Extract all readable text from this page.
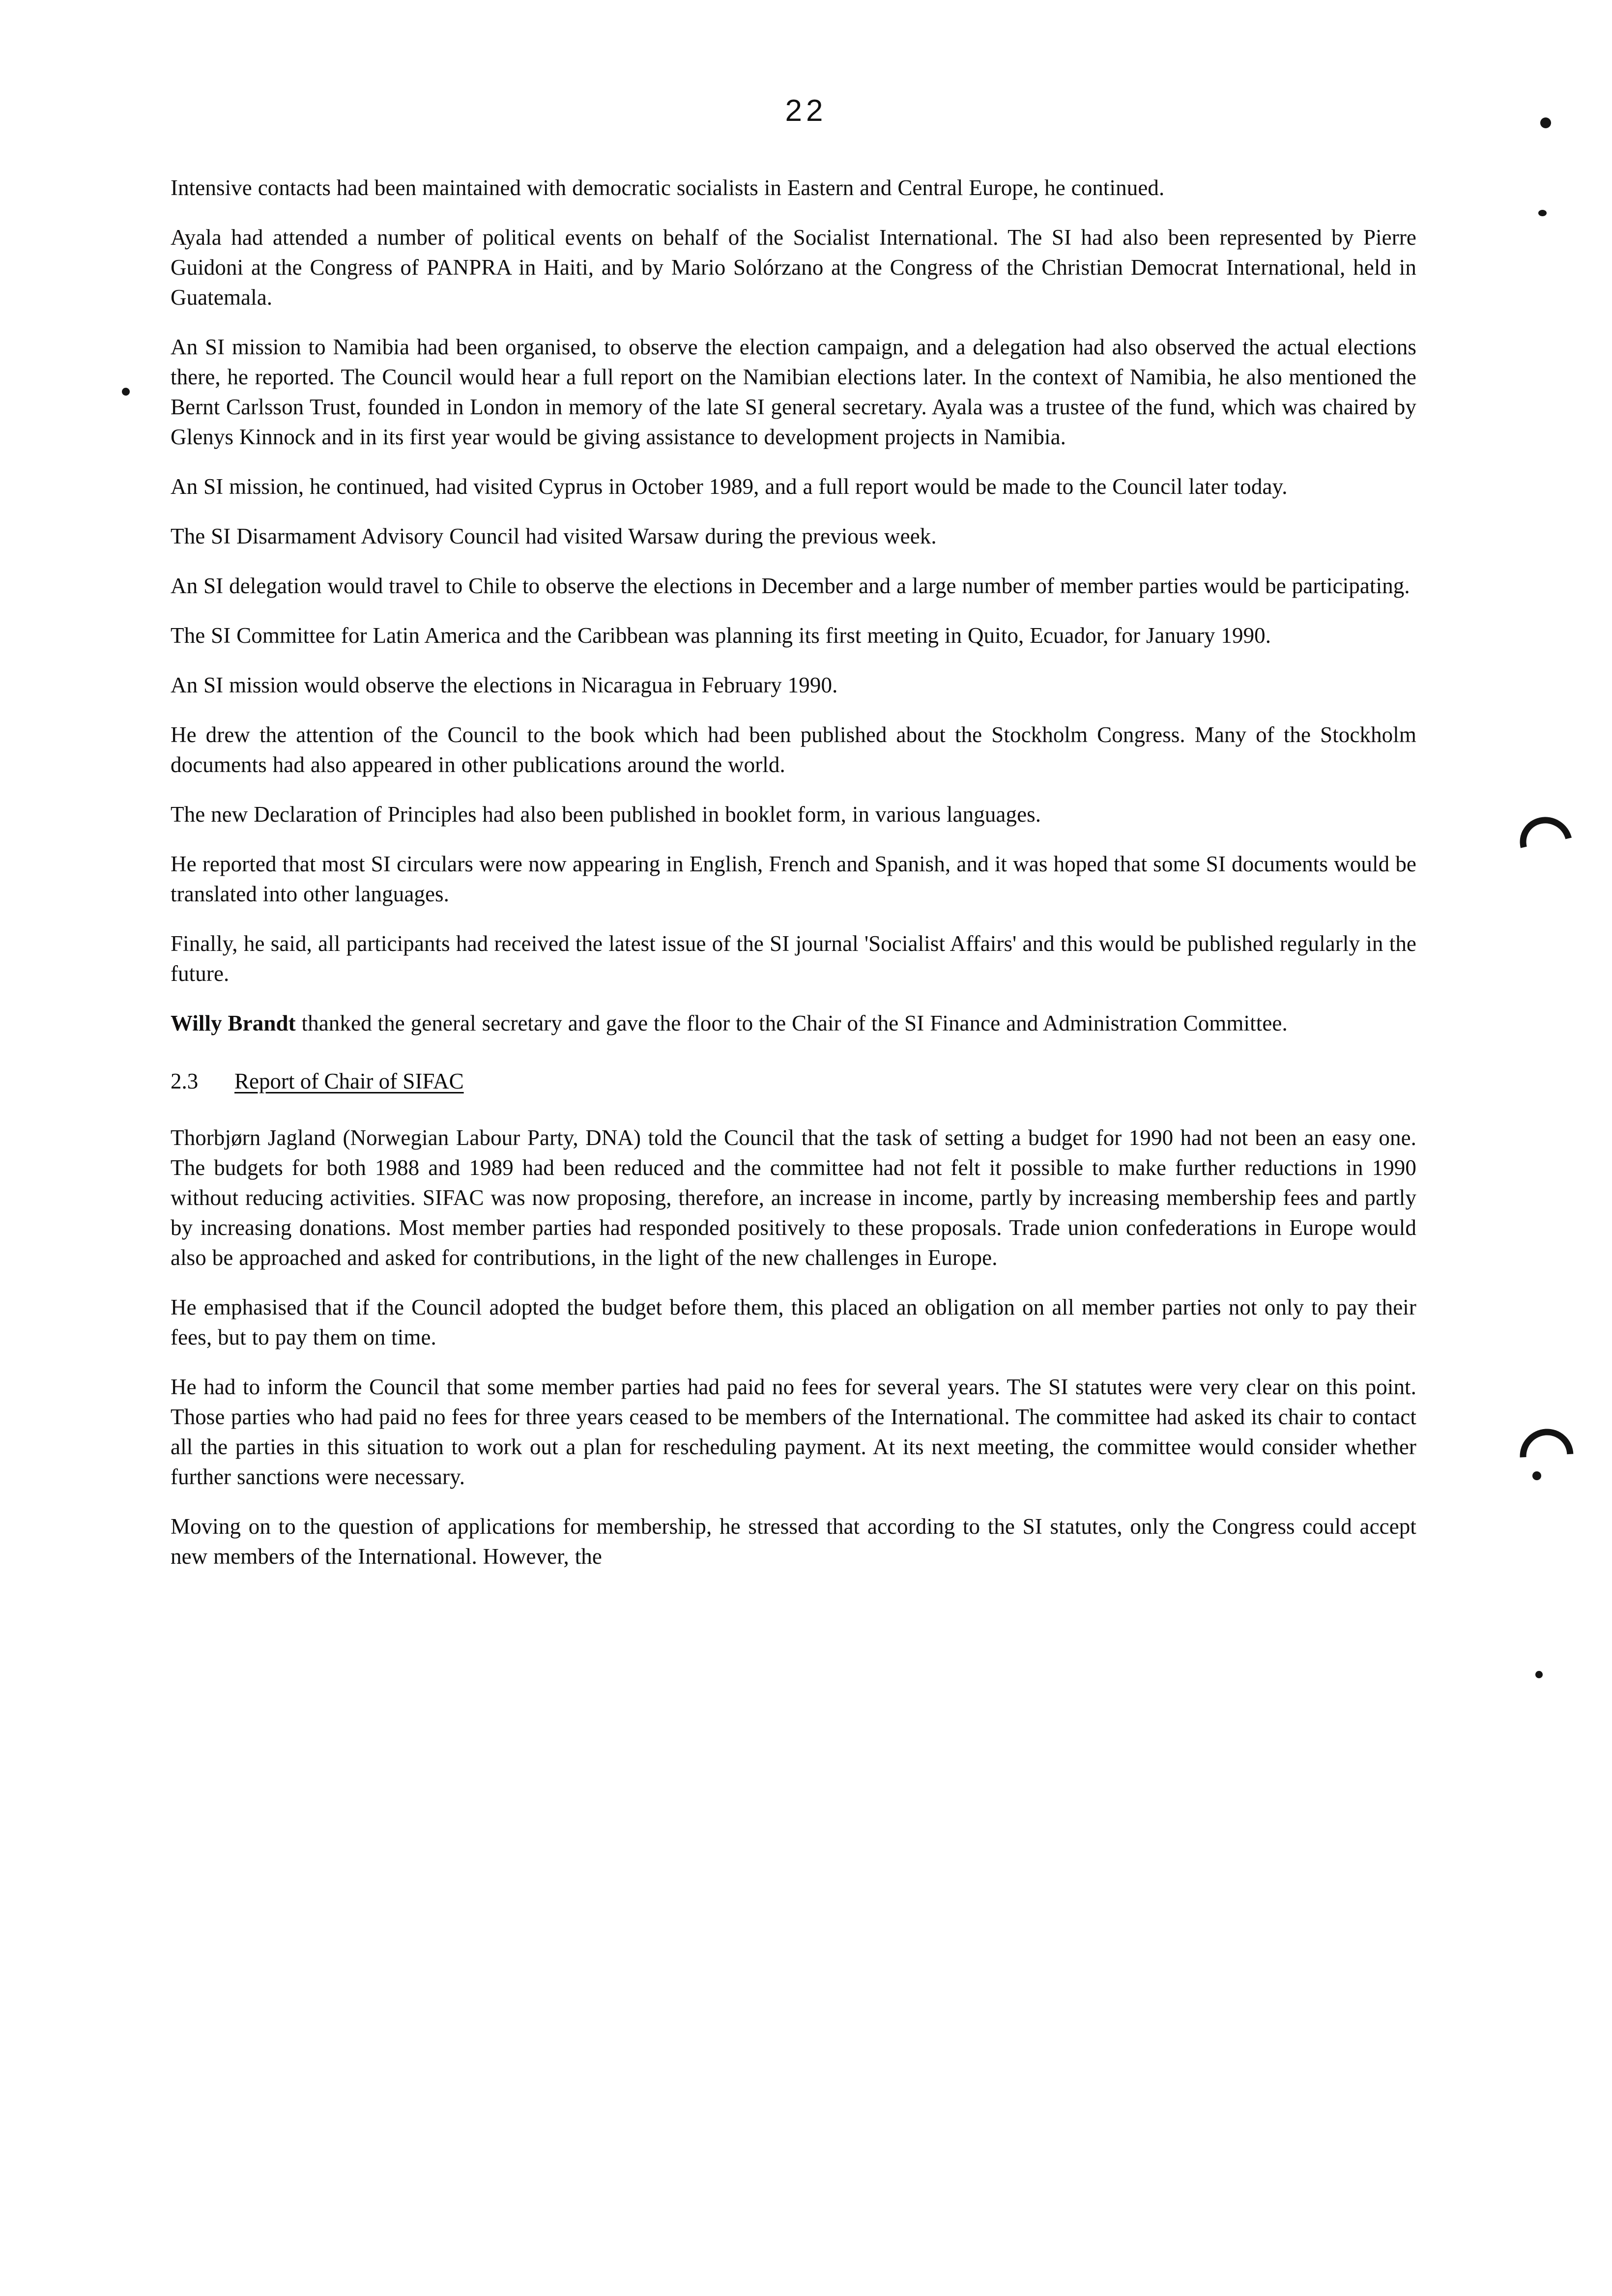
22

Intensive contacts had been maintained with democratic socialists in Eastern and Central Europe, he continued.

Ayala had attended a number of political events on behalf of the Socialist International. The SI had also been represented by Pierre Guidoni at the Congress of PANPRA in Haiti, and by Mario Solórzano at the Congress of the Christian Democrat International, held in Guatemala.

An SI mission to Namibia had been organised, to observe the election campaign, and a delegation had also observed the actual elections there, he reported. The Council would hear a full report on the Namibian elections later. In the context of Namibia, he also mentioned the Bernt Carlsson Trust, founded in London in memory of the late SI general secretary. Ayala was a trustee of the fund, which was chaired by Glenys Kinnock and in its first year would be giving assistance to development projects in Namibia.

An SI mission, he continued, had visited Cyprus in October 1989, and a full report would be made to the Council later today.

The SI Disarmament Advisory Council had visited Warsaw during the previous week.

An SI delegation would travel to Chile to observe the elections in December and a large number of member parties would be participating.

The SI Committee for Latin America and the Caribbean was planning its first meeting in Quito, Ecuador, for January 1990.

An SI mission would observe the elections in Nicaragua in February 1990.

He drew the attention of the Council to the book which had been published about the Stockholm Congress. Many of the Stockholm documents had also appeared in other publications around the world.

The new Declaration of Principles had also been published in booklet form, in various languages.

He reported that most SI circulars were now appearing in English, French and Spanish, and it was hoped that some SI documents would be translated into other languages.

Finally, he said, all participants had received the latest issue of the SI journal 'Socialist Affairs' and this would be published regularly in the future.

Willy Brandt thanked the general secretary and gave the floor to the Chair of the SI Finance and Administration Committee.

2.3	Report of Chair of SIFAC

Thorbjørn Jagland (Norwegian Labour Party, DNA) told the Council that the task of setting a budget for 1990 had not been an easy one. The budgets for both 1988 and 1989 had been reduced and the committee had not felt it possible to make further reductions in 1990 without reducing activities. SIFAC was now proposing, therefore, an increase in income, partly by increasing membership fees and partly by increasing donations. Most member parties had responded positively to these proposals. Trade union confederations in Europe would also be approached and asked for contributions, in the light of the new challenges in Europe.

He emphasised that if the Council adopted the budget before them, this placed an obligation on all member parties not only to pay their fees, but to pay them on time.

He had to inform the Council that some member parties had paid no fees for several years. The SI statutes were very clear on this point. Those parties who had paid no fees for three years ceased to be members of the International. The committee had asked its chair to contact all the parties in this situation to work out a plan for rescheduling payment. At its next meeting, the committee would consider whether further sanctions were necessary.

Moving on to the question of applications for membership, he stressed that according to the SI statutes, only the Congress could accept new members of the International. However, the
